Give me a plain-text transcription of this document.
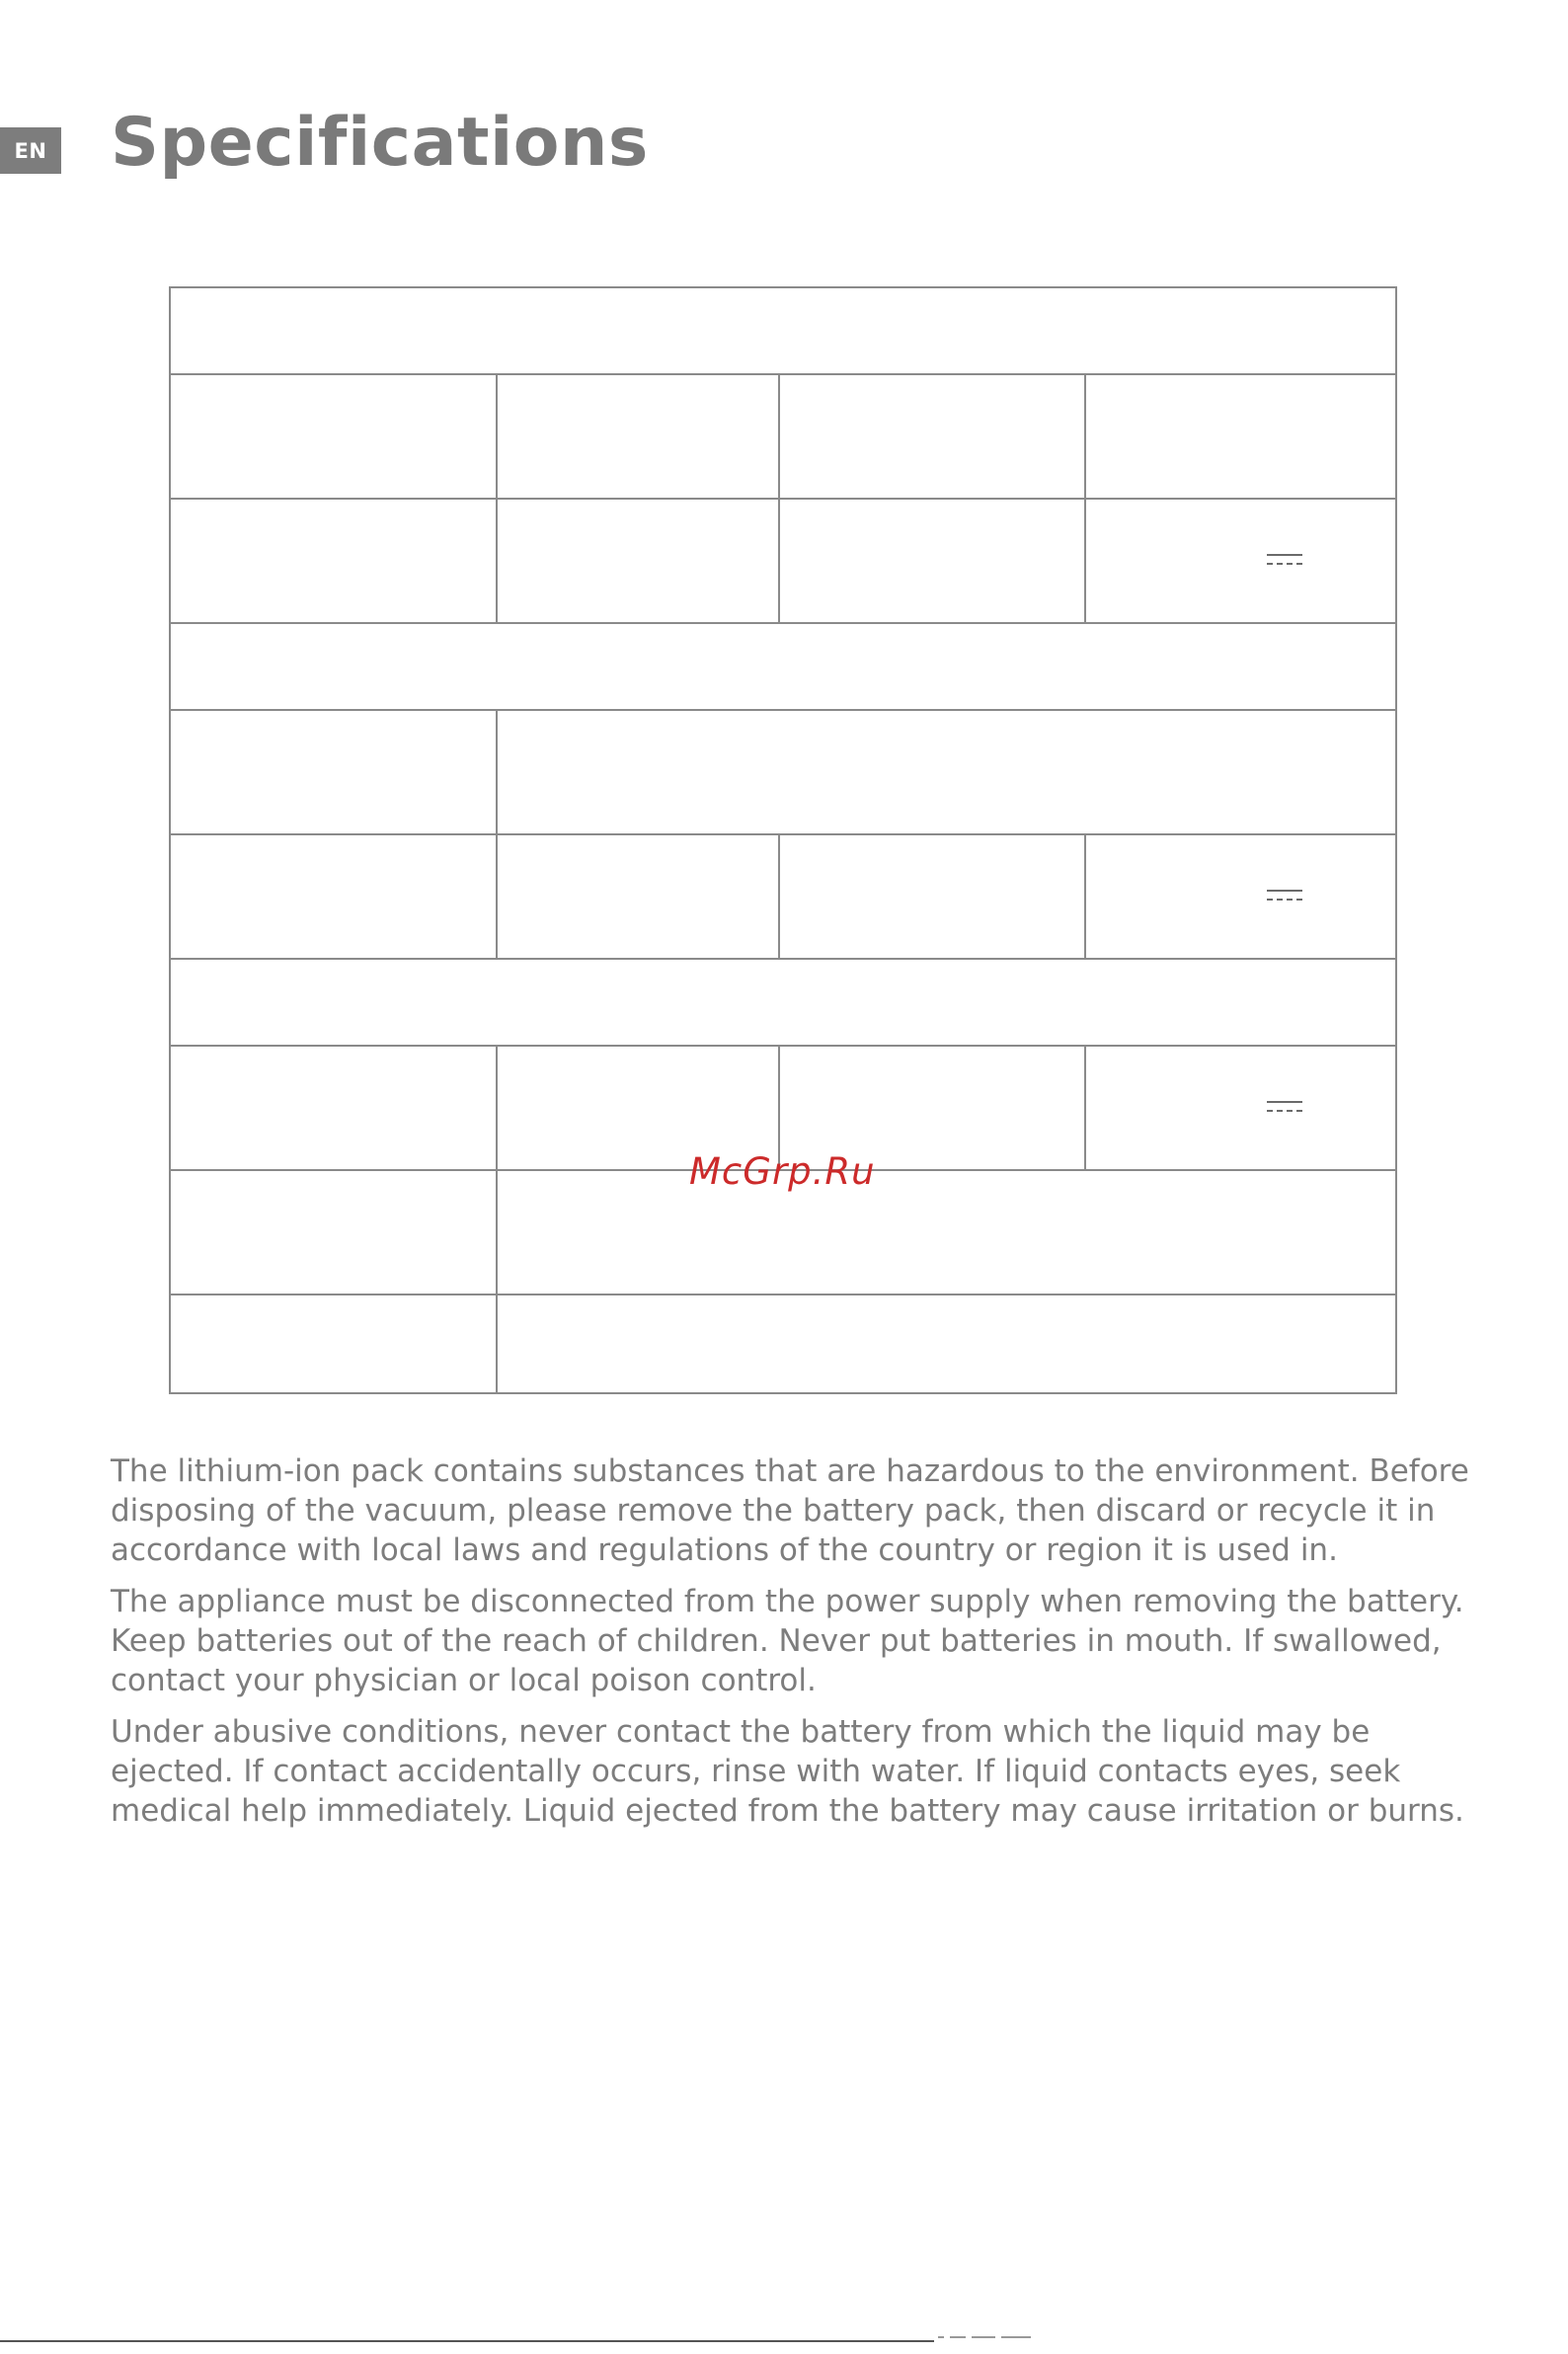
EN Specifications

McGrp.Ru

The lithium-ion pack contains substances that are hazardous to the environment. Before disposing of the vacuum, please remove the battery pack, then discard or recycle it in accordance with local laws and regulations of the country or region it is used in.

The appliance must be disconnected from the power supply when removing the battery. Keep batteries out of the reach of children. Never put batteries in mouth. If swallowed, contact your physician or local poison control.

Under abusive conditions, never contact the battery from which the liquid may be ejected. If contact accidentally occurs, rinse with water. If liquid contacts eyes, seek medical help immediately. Liquid ejected from the battery may cause irritation or burns.
